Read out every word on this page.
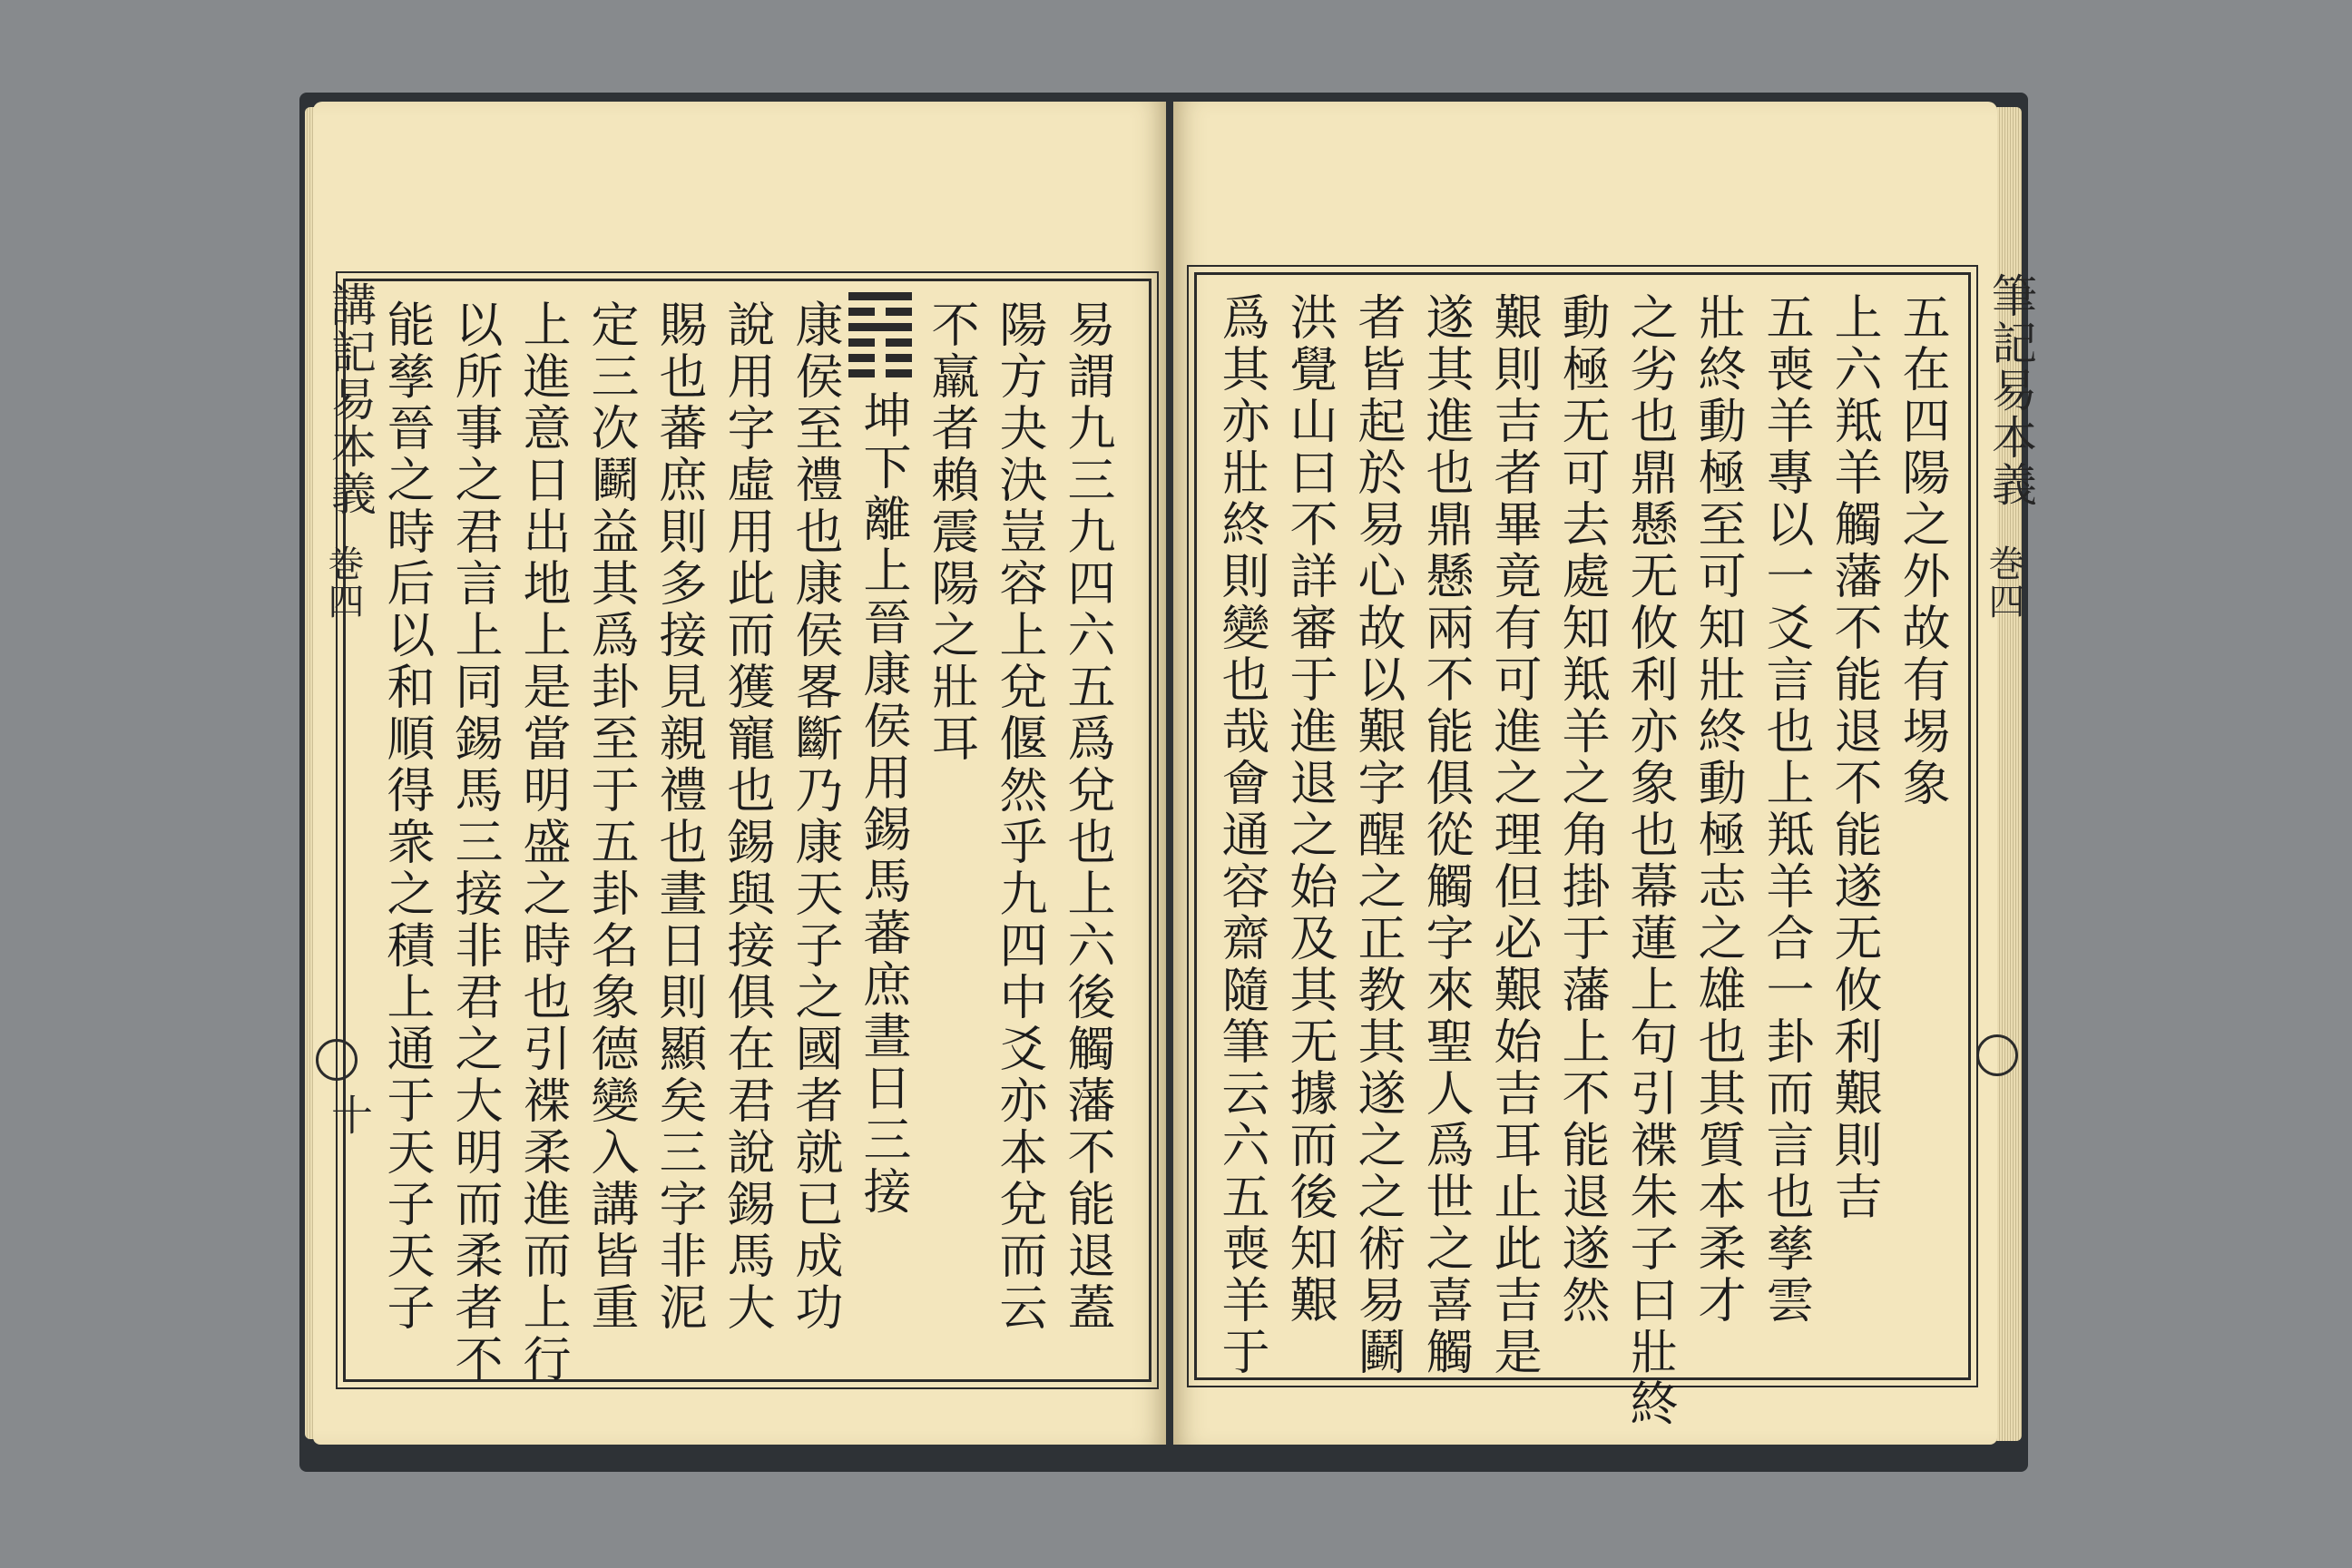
講記易本義
巻四
十	易謂九三九四六五爲兌也上六後觸藩不能退蓋
陽方夬決豈容上兌偃然乎九四中爻亦本兌而云
不羸者賴震陽之壯耳
坤下離上晉康侯用錫馬蕃庶晝日三接
康侯至禮也康侯畧斷乃康天子之國者就已成功
說用字虛用此而獲寵也錫與接俱在君說錫馬大
賜也蕃庶則多接見親禮也晝日則顯矣三字非泥
定三次鬬益其爲卦至于五卦名象德變入講皆重
上進意日出地上是當明盛之時也引褋柔進而上行
以所事之君言上同錫馬三接非君之大明而柔者不
能孳晉之時后以和順得衆之積上通于天子天子	筆記易本義
巻四
五在四陽之外故有埸象
上六羝羊觸藩不能退不能遂无攸利艱則吉
五喪羊專以一爻言也上羝羊合一卦而言也孳雲
壯終動極至可知壯終動極志之雄也其質本柔才
之劣也鼎懸无攸利亦象也幕蓮上句引褋朱子曰壯終
動極无可去處知羝羊之角掛于藩上不能退遂然
艱則吉者畢竟有可進之理但必艱始吉耳止此吉是
遂其進也鼎懸兩不能俱從觸字來聖人爲世之喜觸
者皆起於易心故以艱字醒之正教其遂之之術易鬬
洪覺山曰不詳審于進退之始及其无據而後知艱
爲其亦壯終則變也哉會通容齋隨筆云六五喪羊于
